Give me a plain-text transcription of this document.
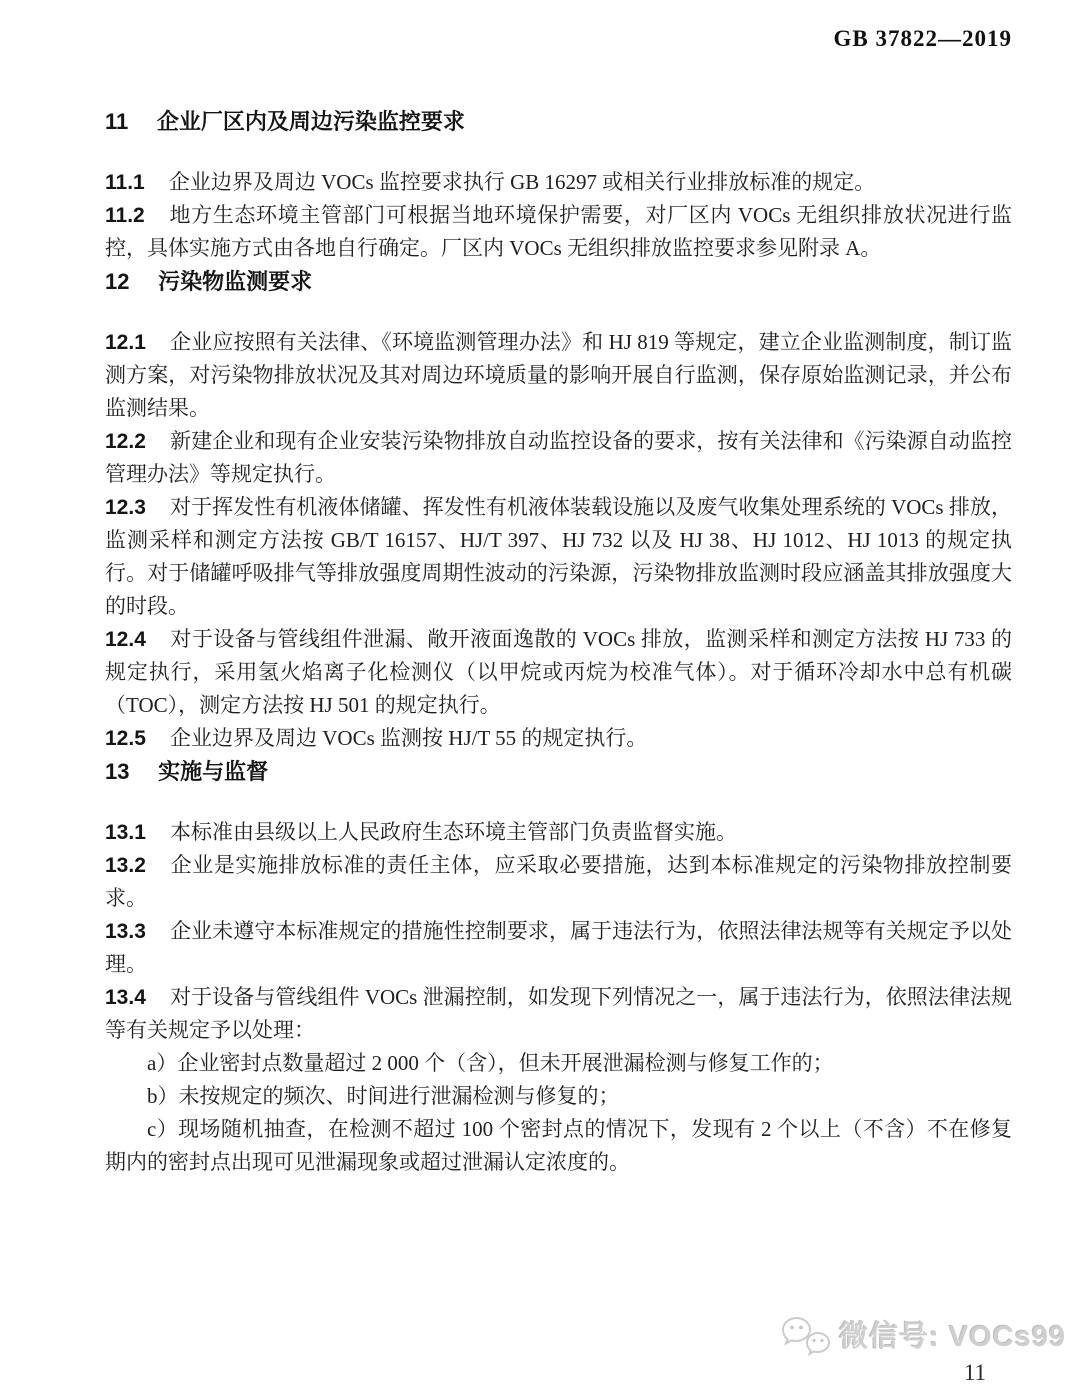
GB 37822—2019
11 企业厂区内及周边污染监控要求

11.1 企业边界及周边 VOCs 监控要求执行 GB 16297 或相关行业排放标准的规定。

11.2 地方生态环境主管部门可根据当地环境保护需要，对厂区内 VOCs 无组织排放状况进行监控，具体实施方式由各地自行确定。厂区内 VOCs 无组织排放监控要求参见附录 A。

12 污染物监测要求

12.1 企业应按照有关法律、《环境监测管理办法》和 HJ 819 等规定，建立企业监测制度，制订监测方案，对污染物排放状况及其对周边环境质量的影响开展自行监测，保存原始监测记录，并公布监测结果。

12.2 新建企业和现有企业安装污染物排放自动监控设备的要求，按有关法律和《污染源自动监控管理办法》等规定执行。

12.3 对于挥发性有机液体储罐、挥发性有机液体装载设施以及废气收集处理系统的 VOCs 排放，监测采样和测定方法按 GB/T 16157、HJ/T 397、HJ 732 以及 HJ 38、HJ 1012、HJ 1013 的规定执行。对于储罐呼吸排气等排放强度周期性波动的污染源，污染物排放监测时段应涵盖其排放强度大的时段。

12.4 对于设备与管线组件泄漏、敞开液面逸散的 VOCs 排放，监测采样和测定方法按 HJ 733 的规定执行，采用氢火焰离子化检测仪（以甲烷或丙烷为校准气体）。对于循环冷却水中总有机碳（TOC），测定方法按 HJ 501 的规定执行。

12.5 企业边界及周边 VOCs 监测按 HJ/T 55 的规定执行。

13 实施与监督

13.1 本标准由县级以上人民政府生态环境主管部门负责监督实施。

13.2 企业是实施排放标准的责任主体，应采取必要措施，达到本标准规定的污染物排放控制要求。

13.3 企业未遵守本标准规定的措施性控制要求，属于违法行为，依照法律法规等有关规定予以处理。

13.4 对于设备与管线组件 VOCs 泄漏控制，如发现下列情况之一，属于违法行为，依照法律法规等有关规定予以处理：

a）企业密封点数量超过 2 000 个（含），但未开展泄漏检测与修复工作的；

b）未按规定的频次、时间进行泄漏检测与修复的；

c）现场随机抽查，在检测不超过 100 个密封点的情况下，发现有 2 个以上（不含）不在修复期内的密封点出现可见泄漏现象或超过泄漏认定浓度的。

微信号: VOCs99
11
